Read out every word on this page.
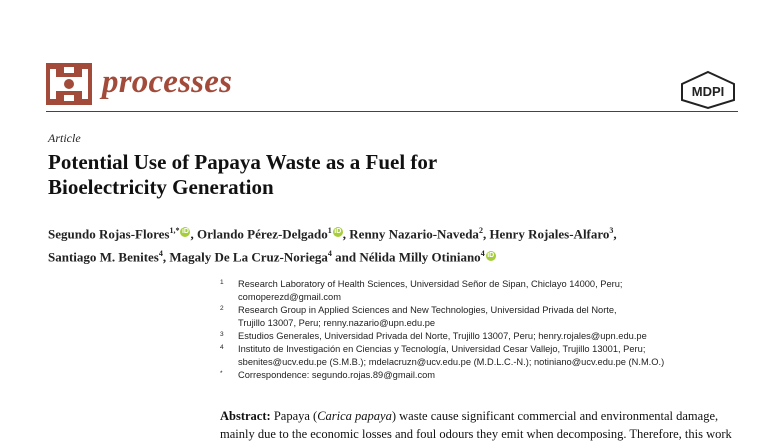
processes	MDPI
Article
Potential Use of Papaya Waste as a Fuel for
Bioelectricity Generation
Segundo Rojas-Flores$^{1,*}$ iD , Orlando Pérez-Delgado$^1$ iD , Renny Nazario-Naveda$^2$, Henry Rojales-Alfaro$^3$,
Santiago M. Benites$^4$, Magaly De La Cruz-Noriega$^4$ and Nélida Milly Otiniano$^4$ iD
1 Research Laboratory of Health Sciences, Universidad Señor de Sipan, Chiclayo 14000, Peru;
comoperezd@gmail.com
2 Research Group in Applied Sciences and New Technologies, Universidad Privada del Norte,
Trujillo 13007, Peru; renny.nazario@upn.edu.pe
3 Estudios Generales, Universidad Privada del Norte, Trujillo 13007, Peru; henry.rojales@upn.edu.pe
4 Instituto de Investigación en Ciencias y Tecnología, Universidad Cesar Vallejo, Trujillo 13001, Peru;
sbenites@ucv.edu.pe (S.M.B.); mdelacruzn@ucv.edu.pe (M.D.L.C.-N.); notiniano@ucv.edu.pe (N.M.O.)
* Correspondence: segundo.rojas.89@gmail.com
Abstract: Papaya (Carica papaya) waste cause significant commercial and environmental damage,
mainly due to the economic losses and foul odours they emit when decomposing. Therefore, this work
